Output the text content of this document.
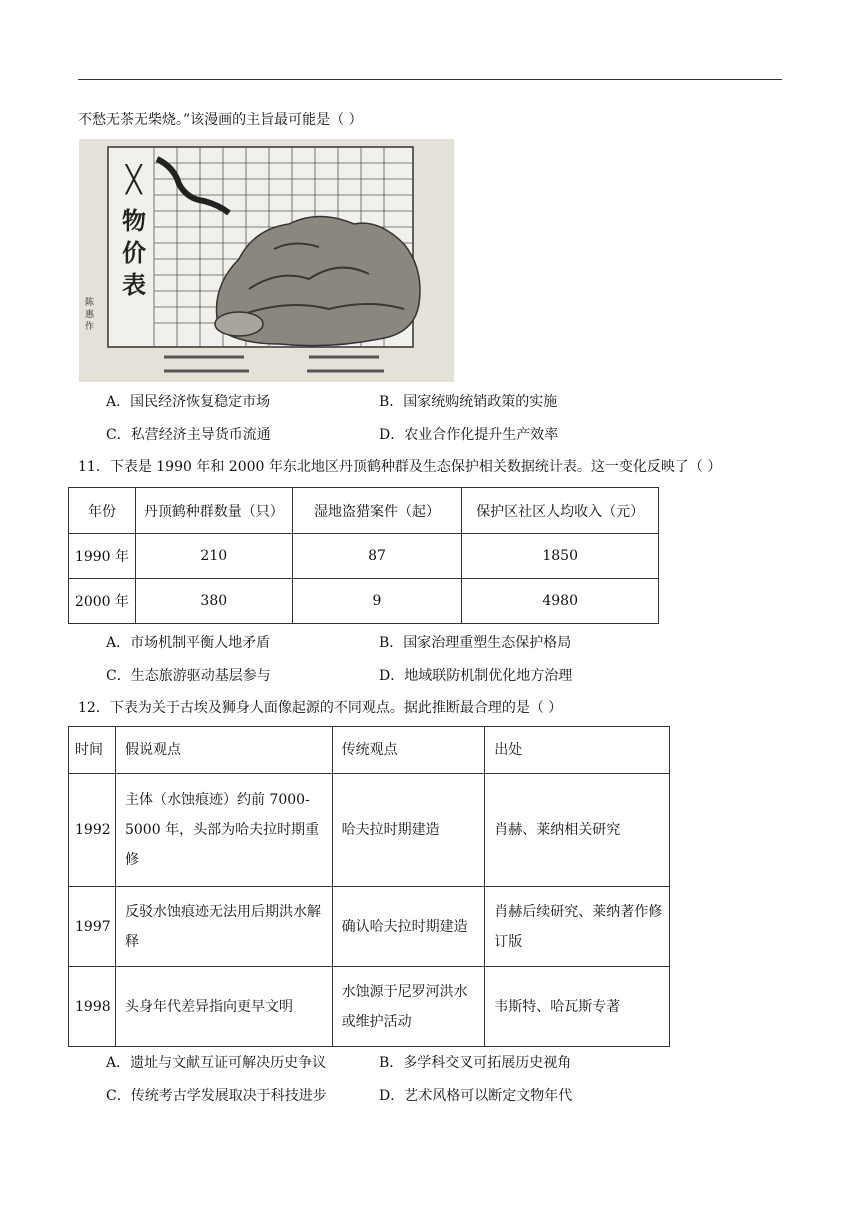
不愁无茶无柴烧。”该漫画的主旨最可能是（ ）
╳
物
价
表
陈惠作
A．国民经济恢复稳定市场	B．国家统购统销政策的实施
C．私营经济主导货币流通	D．农业合作化提升生产效率
11．下表是 1990 年和 2000 年东北地区丹顶鹤种群及生态保护相关数据统计表。这一变化反映了（ ）
年份	丹顶鹤种群数量（只）	湿地盗猎案件（起）	保护区社区人均收入（元）
1990 年	210	87	1850
2000 年	380	9	4980
A．市场机制平衡人地矛盾	B．国家治理重塑生态保护格局
C．生态旅游驱动基层参与	D．地域联防机制优化地方治理
12．下表为关于古埃及狮身人面像起源的不同观点。据此推断最合理的是（ ）
时间	假说观点	传统观点	出处
1992	主体（水蚀痕迹）约前 7000-5000 年，头部为哈夫拉时期重修	哈夫拉时期建造	肖赫、莱纳相关研究
1997	反驳水蚀痕迹无法用后期洪水解释	确认哈夫拉时期建造	肖赫后续研究、莱纳著作修订版
1998	头身年代差异指向更早文明	水蚀源于尼罗河洪水或维护活动	韦斯特、哈瓦斯专著
A．遗址与文献互证可解决历史争议	B．多学科交叉可拓展历史视角
C．传统考古学发展取决于科技进步	D．艺术风格可以断定文物年代
